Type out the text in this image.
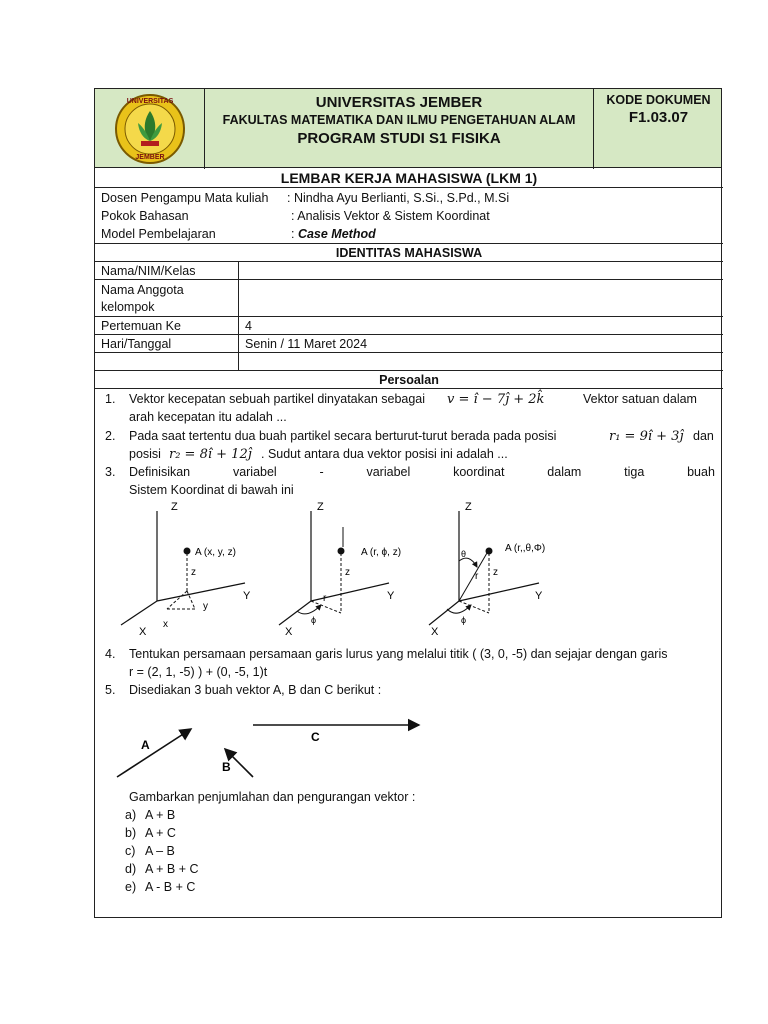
UNIVERSITAS
JEMBER
UNIVERSITAS JEMBER
FAKULTAS MATEMATIKA DAN ILMU PENGETAHUAN ALAM
PROGRAM STUDI S1 FISIKA
KODE DOKUMEN
F1.03.07
LEMBAR KERJA MAHASISWA (LKM 1)
Dosen Pengampu Mata kuliah : Nindha Ayu Berlianti, S.Si., S.Pd., M.Si
Pokok Bahasan	: Analisis Vektor & Sistem Koordinat
Model Pembelajaran	: Case Method
IDENTITAS MAHASISWA
Nama/NIM/Kelas
Nama Anggota
kelompok
Pertemuan Ke	4
Hari/Tanggal	Senin / 11 Maret 2024
Persoalan
1. Vektor kecepatan sebuah partikel dinyatakan sebagai v = î − 7ĵ + 2k̂	Vektor satuan dalam
arah kecepatan itu adalah ...
2. Pada saat tertentu dua buah partikel secara berturut-turut berada pada posisi	r₁ = 9î + 3ĵ dan
posisi r₂ = 8î + 12ĵ . Sudut antara dua vektor posisi ini adalah ...
3. Definisikan	variabel	-	variabel	koordinat	dalam	tiga	buah
Sistem Koordinat di bawah ini
Z
Y
X
A (x, y, z)
z
y
x
Z
Y
X
A (r, ϕ, z)
z
r
ϕ
Z
Y
X
A (r,,θ,Φ)
z
r
θ
ϕ
4. Tentukan persamaan persamaan garis lurus yang melalui titik ( (3, 0, -5) dan sejajar dengan garis
r = (2, 1, -5) ) + (0, -5, 1)t
5. Disediakan 3 buah vektor A, B dan C berikut :
A
B
C
Gambarkan penjumlahan dan pengurangan vektor :
a) A + B
b) A + C
c) A – B
d) A + B + C
e) A - B + C
